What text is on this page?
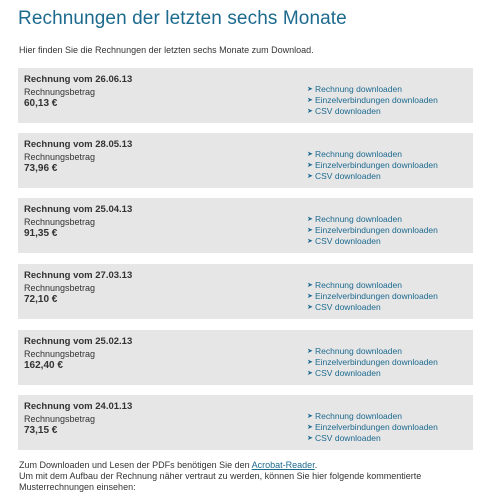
Rechnungen der letzten sechs Monate
Hier finden Sie die Rechnungen der letzten sechs Monate zum Download.
Rechnung vom 26.06.13
Rechnungsbetrag
60,13 €
➤ Rechnung downloaden
➤ Einzelverbindungen downloaden
➤ CSV downloaden
Rechnung vom 28.05.13
Rechnungsbetrag
73,96 €
➤ Rechnung downloaden
➤ Einzelverbindungen downloaden
➤ CSV downloaden
Rechnung vom 25.04.13
Rechnungsbetrag
91,35 €
➤ Rechnung downloaden
➤ Einzelverbindungen downloaden
➤ CSV downloaden
Rechnung vom 27.03.13
Rechnungsbetrag
72,10 €
➤ Rechnung downloaden
➤ Einzelverbindungen downloaden
➤ CSV downloaden
Rechnung vom 25.02.13
Rechnungsbetrag
162,40 €
➤ Rechnung downloaden
➤ Einzelverbindungen downloaden
➤ CSV downloaden
Rechnung vom 24.01.13
Rechnungsbetrag
73,15 €
➤ Rechnung downloaden
➤ Einzelverbindungen downloaden
➤ CSV downloaden

Zum Downloaden und Lesen der PDFs benötigen Sie den Acrobat-Reader.

Um mit dem Aufbau der Rechnung näher vertraut zu werden, können Sie hier folgende kommentierte

Musterrechnungen einsehen:
